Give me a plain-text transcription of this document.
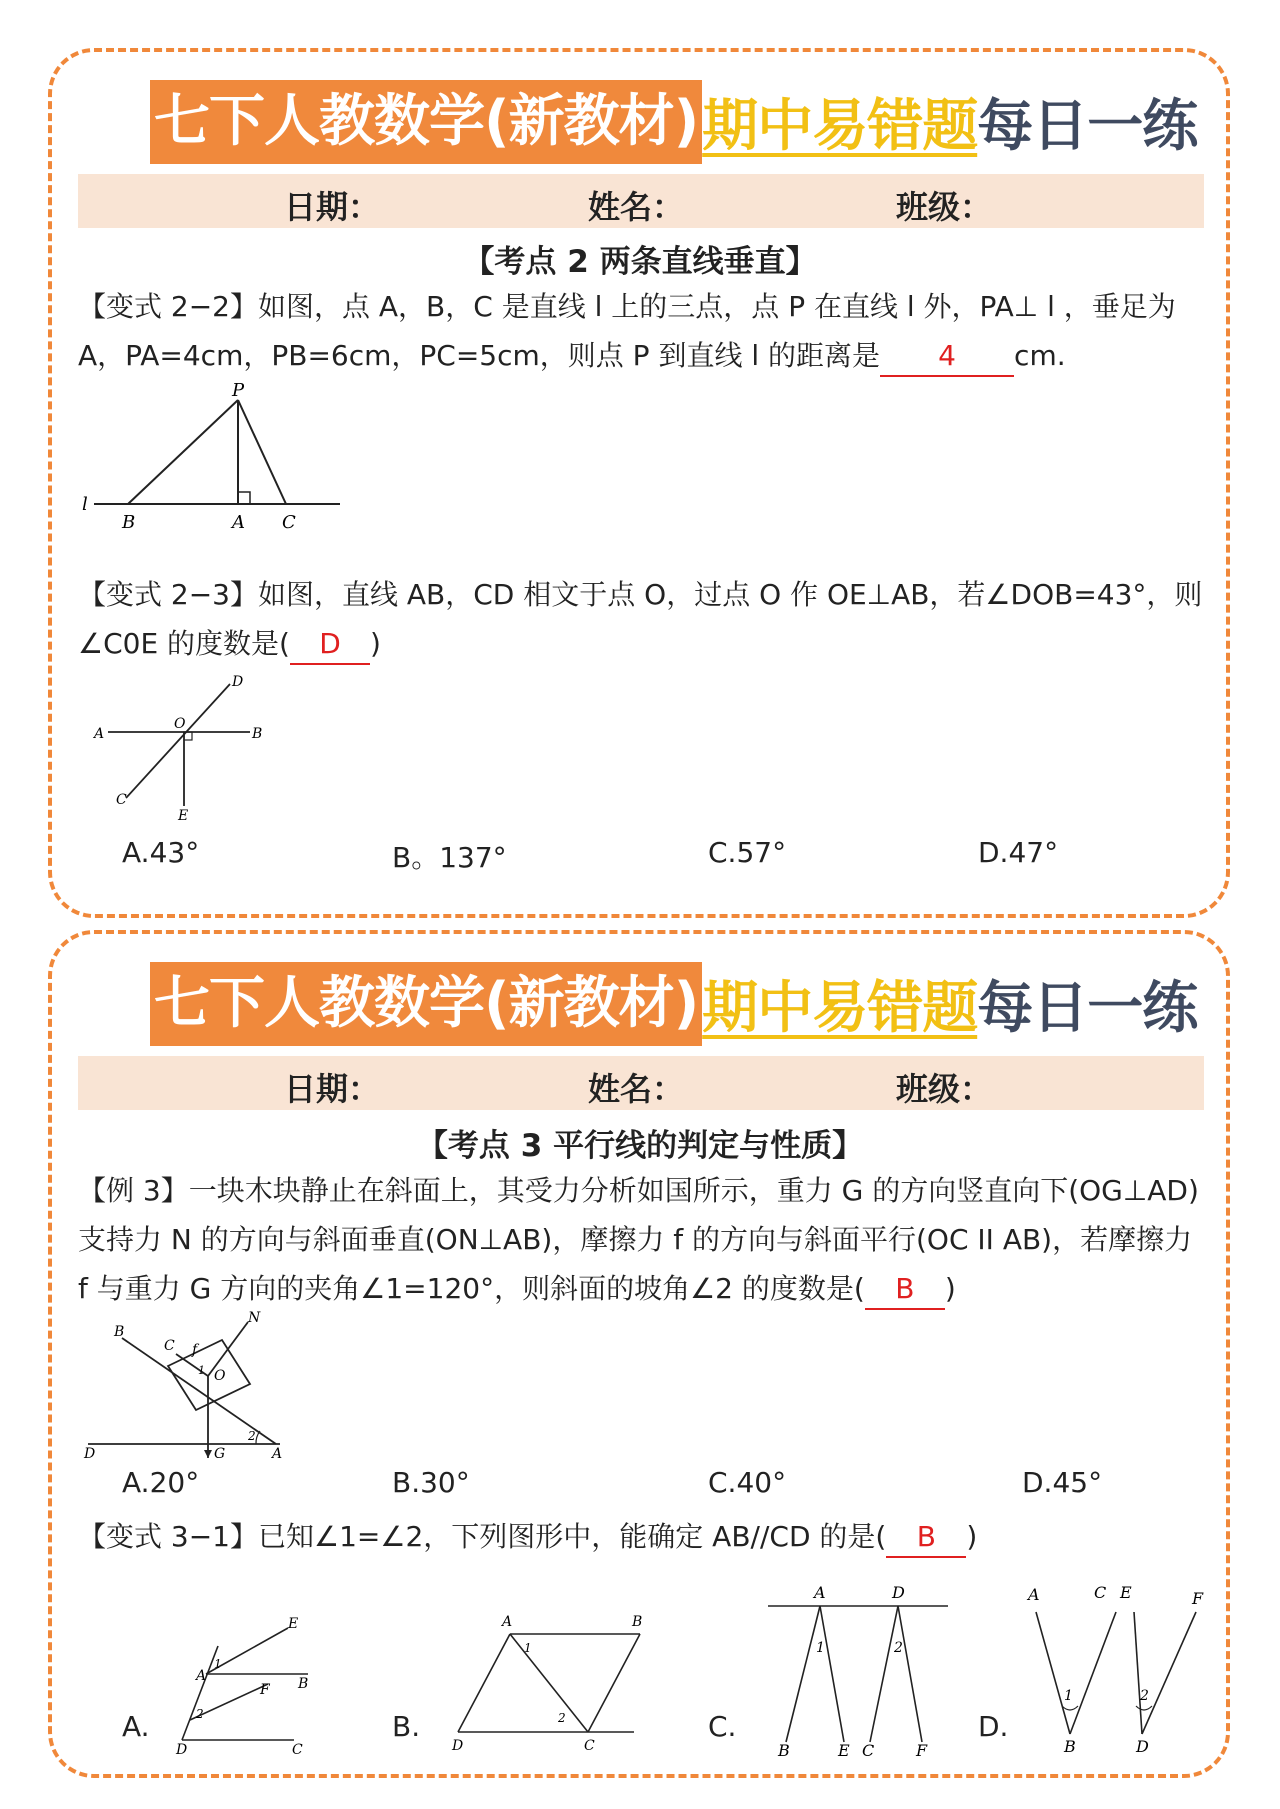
七下人教数学(新教材) 期中易错题 每日一练
日期：	姓名：	班级：
【考点 2 两条直线垂直】
【变式 2−2】如图，点 A，B，C 是直线 l 上的三点，点 P 在直线 l 外，PA⊥ l ，垂足为 A，PA=4cm，PB=6cm，PC=5cm，则点 P 到直线 l 的距离是 4 cm.
P
l
B	A C
【变式 2−3】如图，直线 AB，CD 相文于点 O，过点 O 作 OE⊥AB，若∠DOB=43°，则∠C0E 的度数是( D )
A	B
C
D
E
O
A.43°	B。137°	C.57°	D.47°
七下人教数学(新教材) 期中易错题 每日一练
日期：	姓名：	班级：
【考点 3 平行线的判定与性质】
【例 3】一块木块静止在斜面上，其受力分析如国所示，重力 G 的方向竖直向下(OG⊥AD)支持力 N 的方向与斜面垂直(ON⊥AB)，摩擦力 f 的方向与斜面平行(OC II AB)，若摩擦力 f 与重力 G 方向的夹角∠1=120°，则斜面的坡角∠2 的度数是( B )
B
C f
N
O
1
2
D	G	A
A.20°	B.30°	C.40°	D.45°
【变式 3−1】已知∠1=∠2，下列图形中，能确定 AB//CD 的是( B )
A.	B.	C.	D.
E
A
1
B
F
2
D	C
A	B
1
2
D	C
A	D
1	2
B	E C	F
A	C E	F
1	2
B	D
